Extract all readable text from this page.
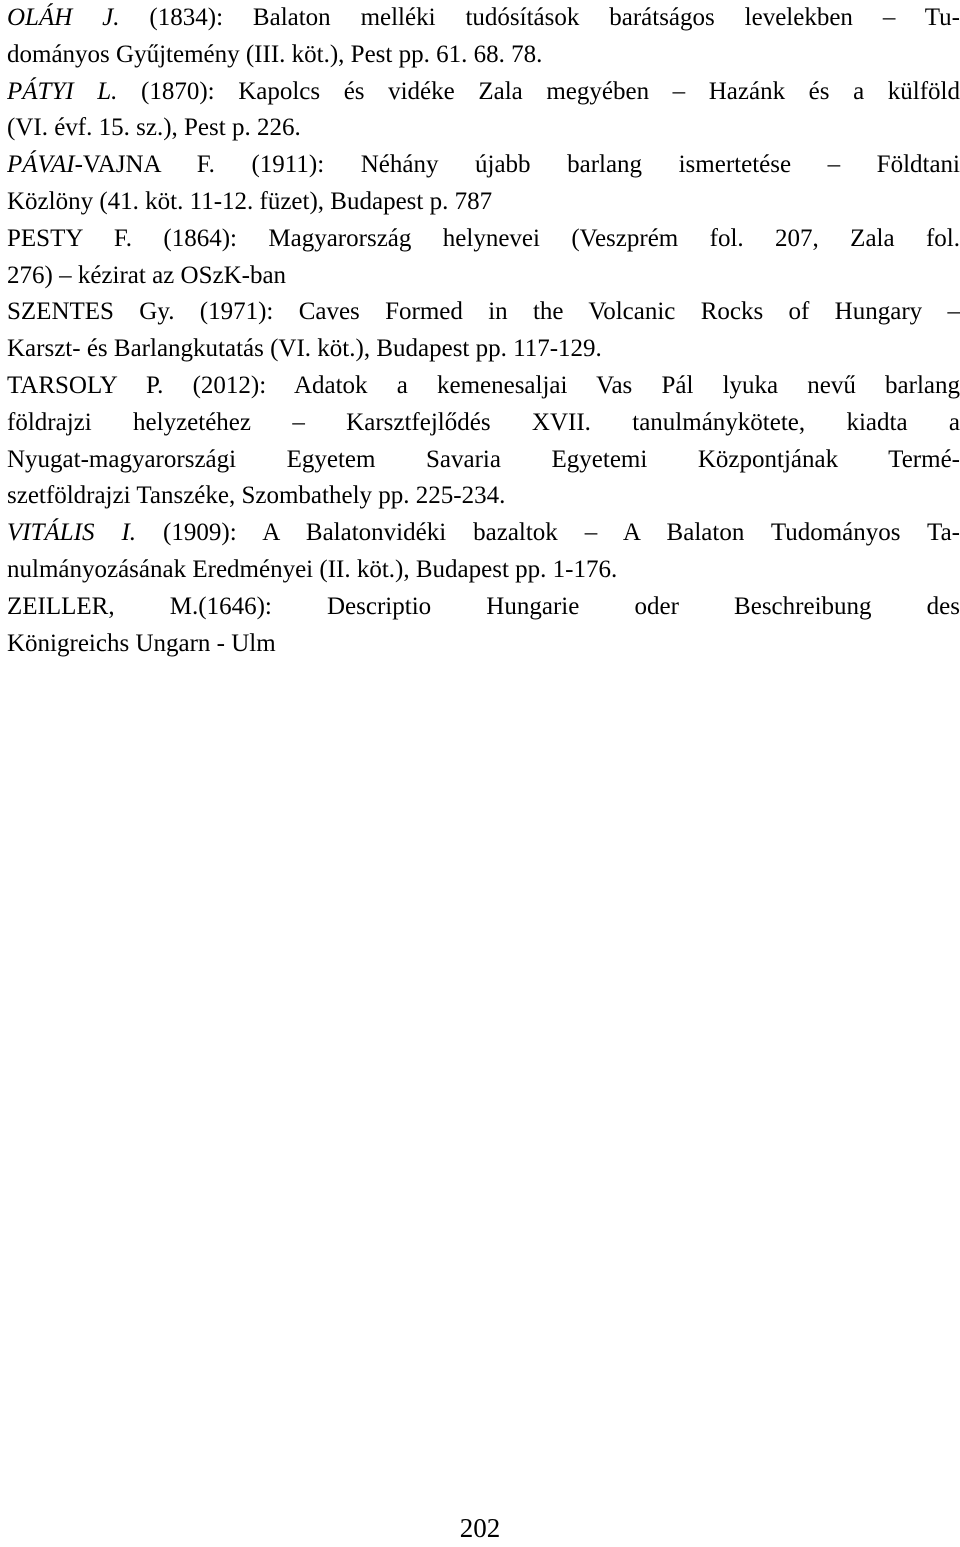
OLÁH J. (1834): Balaton melléki tudósítások barátságos levelekben – Tu-
dományos Gyűjtemény (III. köt.), Pest pp. 61. 68. 78.
PÁTYI L. (1870): Kapolcs és vidéke Zala megyében – Hazánk és a külföld
(VI. évf. 15. sz.), Pest p. 226.
PÁVAI-VAJNA F. (1911): Néhány újabb barlang ismertetése – Földtani
Közlöny (41. köt. 11-12. füzet), Budapest p. 787
PESTY F. (1864): Magyarország helynevei (Veszprém fol. 207, Zala fol.
276) – kézirat az OSzK-ban
SZENTES Gy. (1971): Caves Formed in the Volcanic Rocks of Hungary –
Karszt- és Barlangkutatás (VI. köt.), Budapest pp. 117-129.
TARSOLY P. (2012): Adatok a kemenesaljai Vas Pál lyuka nevű barlang
földrajzi helyzetéhez – Karsztfejlődés XVII. tanulmánykötete, kiadta a
Nyugat-magyarországi Egyetem Savaria Egyetemi Központjának Termé-
szetföldrajzi Tanszéke, Szombathely pp. 225-234.
VITÁLIS I. (1909): A Balatonvidéki bazaltok – A Balaton Tudományos Ta-
nulmányozásának Eredményei (II. köt.), Budapest pp. 1-176.
ZEILLER, M.(1646): Descriptio Hungarie oder Beschreibung des
Königreichs Ungarn - Ulm
202
